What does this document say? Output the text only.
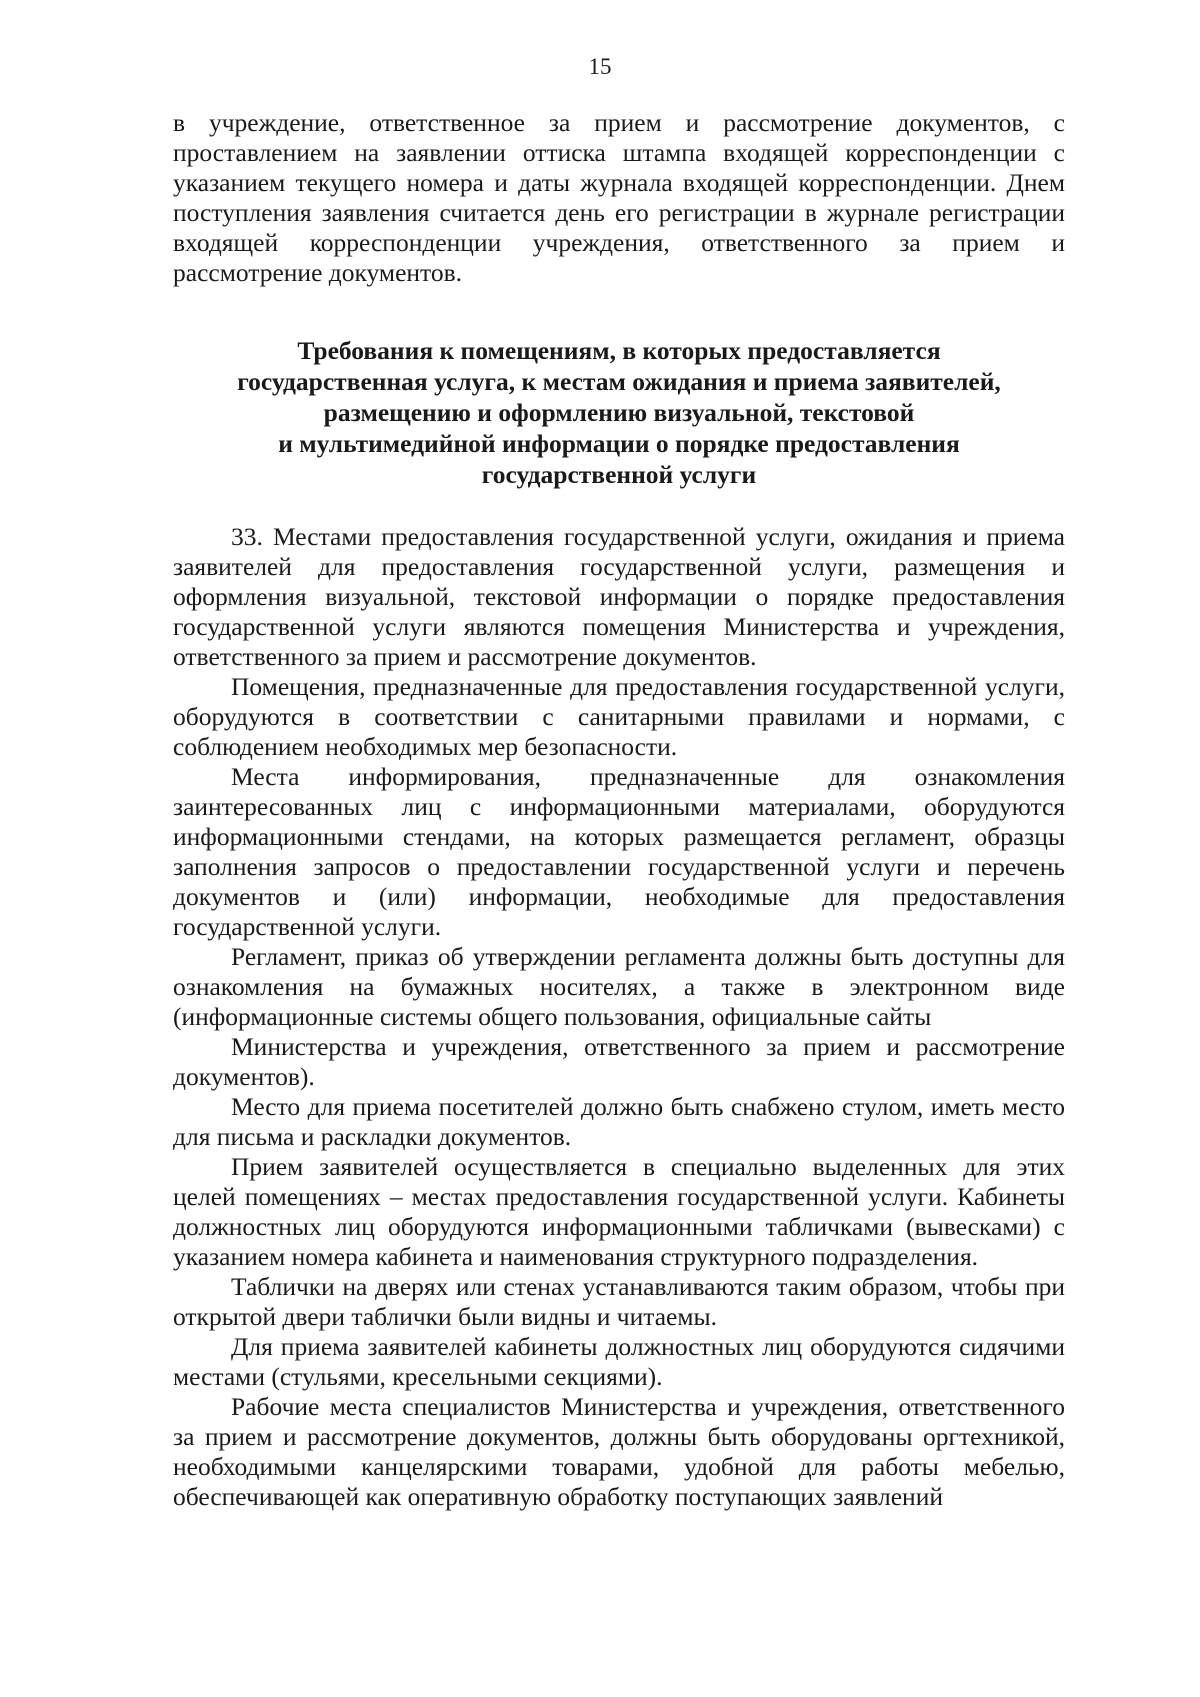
15

в учреждение, ответственное за прием и рассмотрение документов, с проставлением на заявлении оттиска штампа входящей корреспонденции с указанием текущего номера и даты журнала входящей корреспонденции. Днем поступления заявления считается день его регистрации в журнале регистрации входящей корреспонденции учреждения, ответственного за прием и рассмотрение документов.

Требования к помещениям, в которых предоставляется
государственная услуга, к местам ожидания и приема заявителей,
размещению и оформлению визуальной, текстовой
и мультимедийной информации о порядке предоставления
государственной услуги

33. Местами предоставления государственной услуги, ожидания и приема заявителей для предоставления государственной услуги, размещения и оформления визуальной, текстовой информации о порядке предоставления государственной услуги являются помещения Министерства и учреждения, ответственного за прием и рассмотрение документов.

Помещения, предназначенные для предоставления государственной услуги, оборудуются в соответствии с санитарными правилами и нормами, с соблюдением необходимых мер безопасности.

Места информирования, предназначенные для ознакомления заинтересованных лиц с информационными материалами, оборудуются информационными стендами, на которых размещается регламент, образцы заполнения запросов о предоставлении государственной услуги и перечень документов и (или) информации, необходимые для предоставления государственной услуги.

Регламент, приказ об утверждении регламента должны быть доступны для ознакомления на бумажных носителях, а также в электронном виде (информационные системы общего пользования, официальные сайты

Министерства и учреждения, ответственного за прием и рассмотрение документов).

Место для приема посетителей должно быть снабжено стулом, иметь место для письма и раскладки документов.

Прием заявителей осуществляется в специально выделенных для этих целей помещениях – местах предоставления государственной услуги. Кабинеты должностных лиц оборудуются информационными табличками (вывесками) с указанием номера кабинета и наименования структурного подразделения.

Таблички на дверях или стенах устанавливаются таким образом, чтобы при открытой двери таблички были видны и читаемы.

Для приема заявителей кабинеты должностных лиц оборудуются сидячими местами (стульями, кресельными секциями).

Рабочие места специалистов Министерства и учреждения, ответственного за прием и рассмотрение документов, должны быть оборудованы оргтехникой, необходимыми канцелярскими товарами, удобной для работы мебелью, обеспечивающей как оперативную обработку поступающих заявлений
